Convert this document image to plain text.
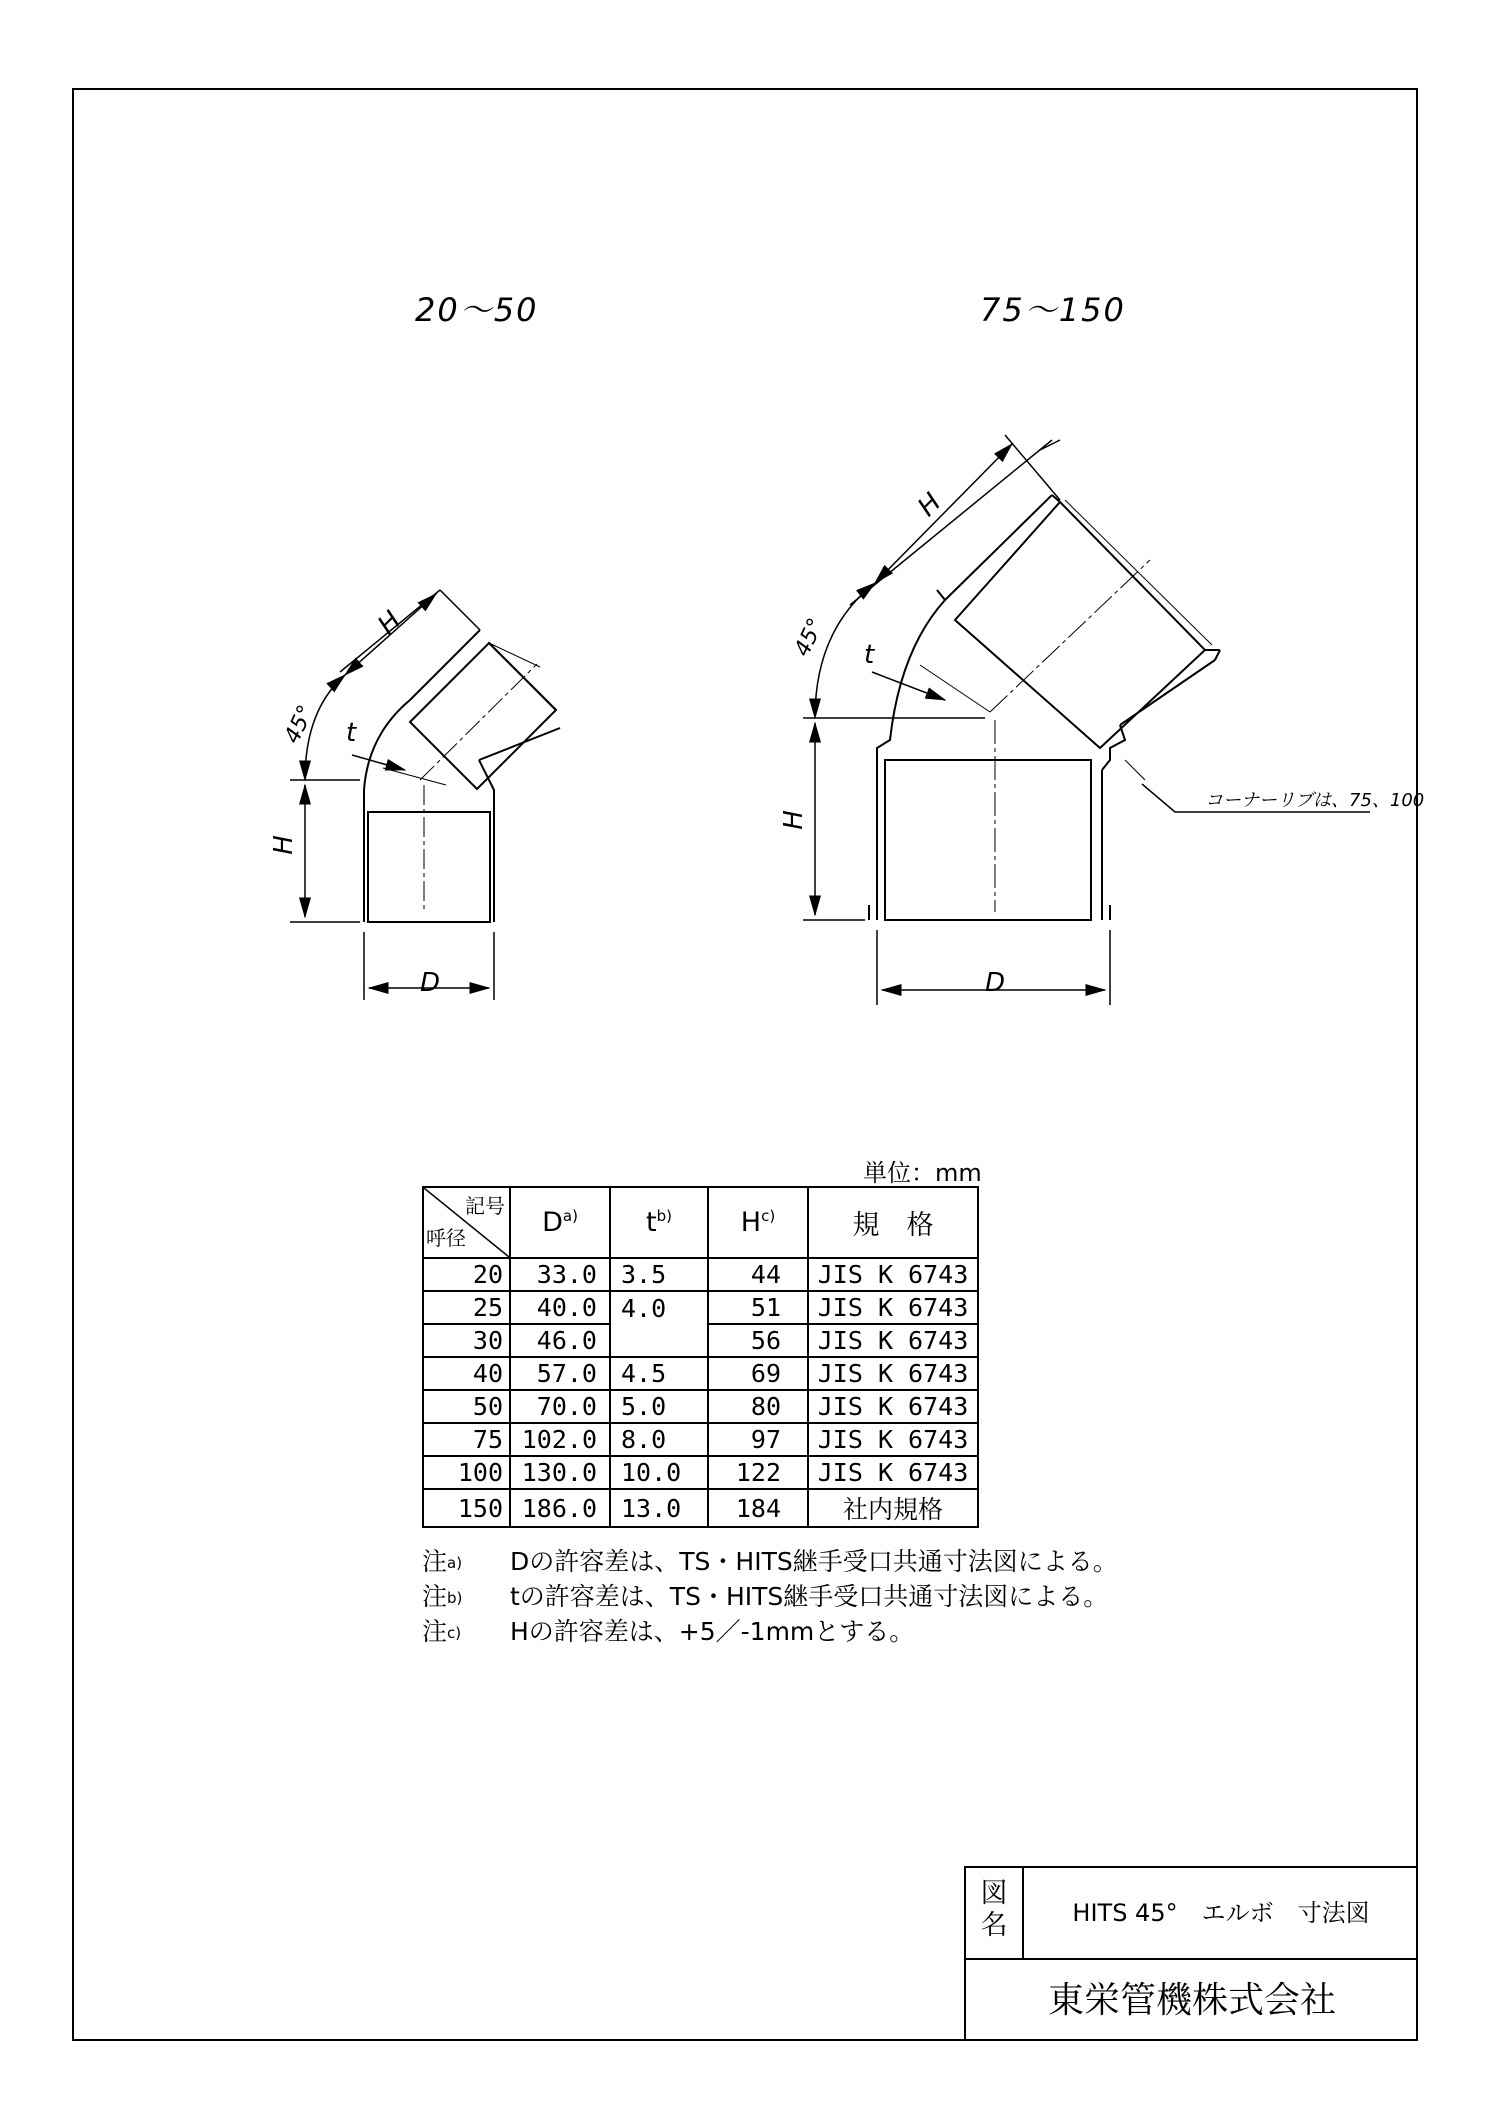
20～50	75～150
H
H
D
t
45°
H
H
D
t
45°
コーナーリブは、75、100
単位：mm
記号
呼径	$D^{a)}$	$t^{b)}$	$H^{c)}$	規　格
20	33.0	3.5	44	JIS K 6743
25	40.0	4.0	51	JIS K 6743
30	46.0		56	JIS K 6743
40	57.0	4.5	69	JIS K 6743
50	70.0	5.0	80	JIS K 6743
75	102.0	8.0	97	JIS K 6743
100	130.0	10.0	122	JIS K 6743
150	186.0	13.0	184	社内規格
注a) Dの許容差は、TS・HITS継手受口共通寸法図による。
注b) tの許容差は、TS・HITS継手受口共通寸法図による。
注c) Hの許容差は、+5／-1mmとする。
図
名	HITS 45°　エルボ　寸法図
東栄管機株式会社
